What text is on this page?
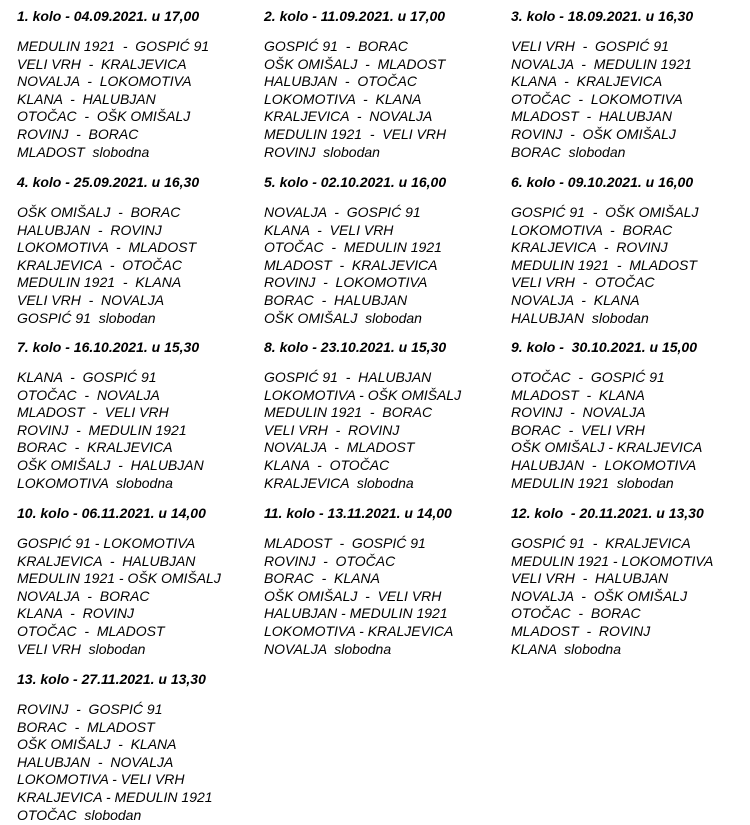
1. kolo - 04.09.2021. u 17,00
MEDULIN 1921  -  GOSPIĆ 91
VELI VRH  -  KRALJEVICA
NOVALJA  -  LOKOMOTIVA
KLANA  -  HALUBJAN
OTOČAC  -  OŠK OMIŠALJ
ROVINJ  -  BORAC
MLADOST  slobodna
2. kolo - 11.09.2021. u 17,00
GOSPIĆ 91  -  BORAC
OŠK OMIŠALJ  -  MLADOST
HALUBJAN  -  OTOČAC
LOKOMOTIVA  -  KLANA
KRALJEVICA  -  NOVALJA
MEDULIN 1921  -  VELI VRH
ROVINJ  slobodan
3. kolo - 18.09.2021. u 16,30
VELI VRH  -  GOSPIĆ 91
NOVALJA  -  MEDULIN 1921
KLANA  -  KRALJEVICA
OTOČAC  -  LOKOMOTIVA
MLADOST  -  HALUBJAN
ROVINJ  -  OŠK OMIŠALJ
BORAC  slobodan
4. kolo - 25.09.2021. u 16,30
OŠK OMIŠALJ  -  BORAC
HALUBJAN  -  ROVINJ
LOKOMOTIVA  -  MLADOST
KRALJEVICA  -  OTOČAC
MEDULIN 1921  -  KLANA
VELI VRH  -  NOVALJA
GOSPIĆ 91  slobodan
5. kolo - 02.10.2021. u 16,00
NOVALJA  -  GOSPIĆ 91
KLANA  -  VELI VRH
OTOČAC  -  MEDULIN 1921
MLADOST  -  KRALJEVICA
ROVINJ  -  LOKOMOTIVA
BORAC  -  HALUBJAN
OŠK OMIŠALJ  slobodan
6. kolo - 09.10.2021. u 16,00
GOSPIĆ 91  -  OŠK OMIŠALJ
LOKOMOTIVA  -  BORAC
KRALJEVICA  -  ROVINJ
MEDULIN 1921  -  MLADOST
VELI VRH  -  OTOČAC
NOVALJA  -  KLANA
HALUBJAN  slobodan
7. kolo - 16.10.2021. u 15,30
KLANA  -  GOSPIĆ 91
OTOČAC  -  NOVALJA
MLADOST  -  VELI VRH
ROVINJ  -  MEDULIN 1921
BORAC  -  KRALJEVICA
OŠK OMIŠALJ  -  HALUBJAN
LOKOMOTIVA  slobodna
8. kolo - 23.10.2021. u 15,30
GOSPIĆ 91  -  HALUBJAN
LOKOMOTIVA - OŠK OMIŠALJ
MEDULIN 1921  -  BORAC
VELI VRH  -  ROVINJ
NOVALJA  -  MLADOST
KLANA  -  OTOČAC
KRALJEVICA  slobodna
9. kolo -  30.10.2021. u 15,00
OTOČAC  -  GOSPIĆ 91
MLADOST  -  KLANA
ROVINJ  -  NOVALJA
BORAC  -  VELI VRH
OŠK OMIŠALJ - KRALJEVICA
HALUBJAN  -  LOKOMOTIVA
MEDULIN 1921  slobodan
10. kolo - 06.11.2021. u 14,00
GOSPIĆ 91 - LOKOMOTIVA
KRALJEVICA  -  HALUBJAN
MEDULIN 1921 - OŠK OMIŠALJ
NOVALJA  -  BORAC
KLANA  -  ROVINJ
OTOČAC  -  MLADOST
VELI VRH  slobodan
11. kolo - 13.11.2021. u 14,00
MLADOST  -  GOSPIĆ 91
ROVINJ  -  OTOČAC
BORAC  -  KLANA
OŠK OMIŠALJ  -  VELI VRH
HALUBJAN - MEDULIN 1921
LOKOMOTIVA - KRALJEVICA
NOVALJA  slobodna
12. kolo  - 20.11.2021. u 13,30
GOSPIĆ 91  -  KRALJEVICA
MEDULIN 1921 - LOKOMOTIVA
VELI VRH  -  HALUBJAN
NOVALJA  -  OŠK OMIŠALJ
OTOČAC  -  BORAC
MLADOST  -  ROVINJ
KLANA  slobodna
13. kolo - 27.11.2021. u 13,30
ROVINJ  -  GOSPIĆ 91
BORAC  -  MLADOST
OŠK OMIŠALJ  -  KLANA
HALUBJAN  -  NOVALJA
LOKOMOTIVA - VELI VRH
KRALJEVICA - MEDULIN 1921
OTOČAC  slobodan
